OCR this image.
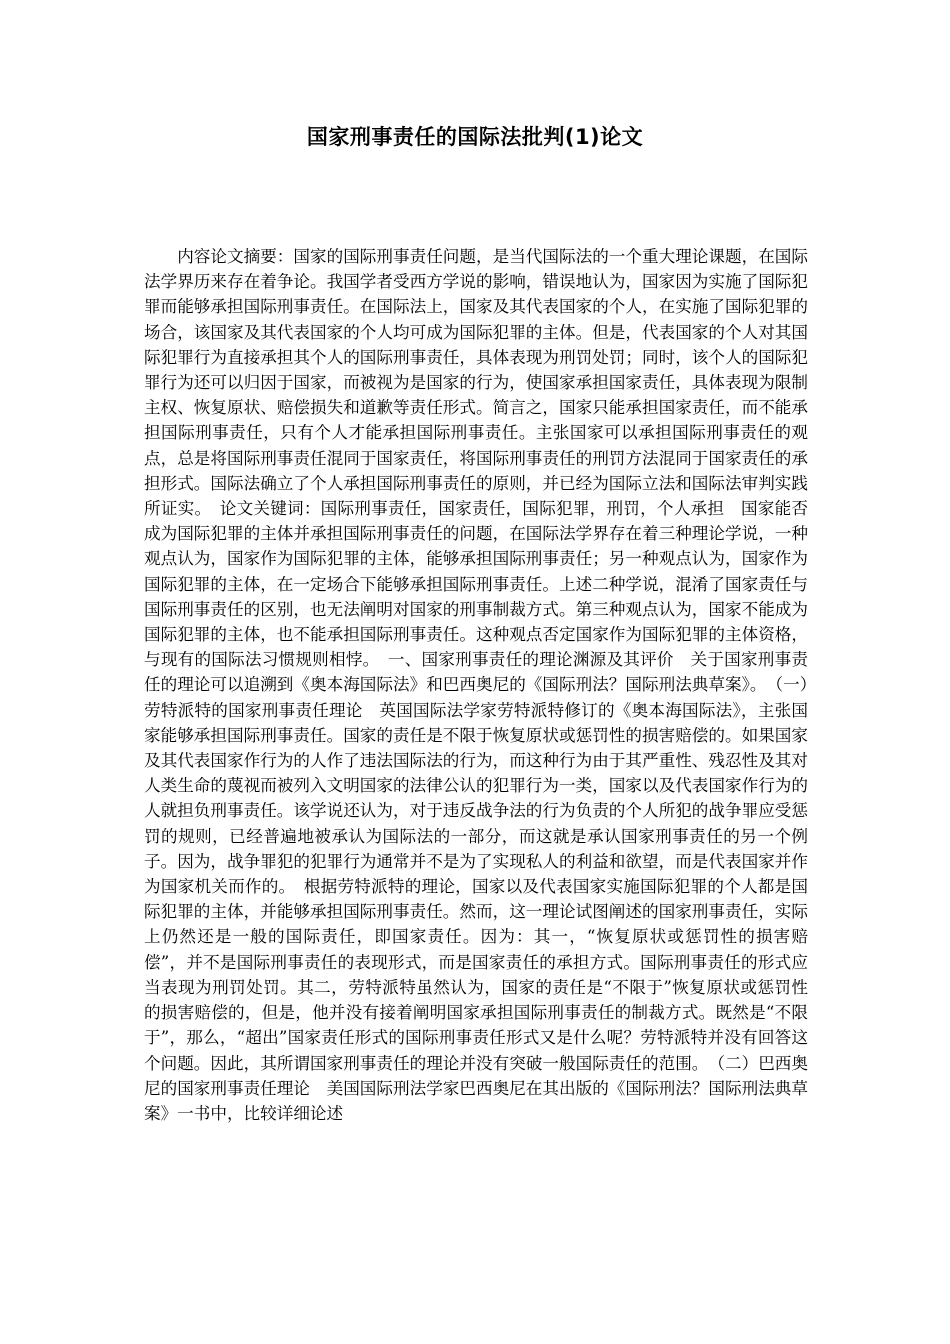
国家刑事责任的国际法批判(1)论文

内容论文摘要：国家的国际刑事责任问题，是当代国际法的一个重大理论课题，在国际法学界历来存在着争论。我国学者受西方学说的影响，错误地认为，国家因为实施了国际犯罪而能够承担国际刑事责任。在国际法上，国家及其代表国家的个人，在实施了国际犯罪的场合，该国家及其代表国家的个人均可成为国际犯罪的主体。但是，代表国家的个人对其国际犯罪行为直接承担其个人的国际刑事责任，具体表现为刑罚处罚；同时，该个人的国际犯罪行为还可以归因于国家，而被视为是国家的行为，使国家承担国家责任，具体表现为限制主权、恢复原状、赔偿损失和道歉等责任形式。简言之，国家只能承担国家责任，而不能承担国际刑事责任，只有个人才能承担国际刑事责任。主张国家可以承担国际刑事责任的观点，总是将国际刑事责任混同于国家责任，将国际刑事责任的刑罚方法混同于国家责任的承担形式。国际法确立了个人承担国际刑事责任的原则，并已经为国际立法和国际法审判实践所证实。　论文关键词：国际刑事责任，国家责任，国际犯罪，刑罚，个人承担　国家能否成为国际犯罪的主体并承担国际刑事责任的问题，在国际法学界存在着三种理论学说，一种观点认为，国家作为国际犯罪的主体，能够承担国际刑事责任；另一种观点认为，国家作为国际犯罪的主体，在一定场合下能够承担国际刑事责任。上述二种学说，混淆了国家责任与国际刑事责任的区别，也无法阐明对国家的刑事制裁方式。第三种观点认为，国家不能成为国际犯罪的主体，也不能承担国际刑事责任。这种观点否定国家作为国际犯罪的主体资格，与现有的国际法习惯规则相悖。　一、国家刑事责任的理论渊源及其评价　关于国家刑事责任的理论可以追溯到《奥本海国际法》和巴西奥尼的《国际刑法？国际刑法典草案》。　（一）劳特派特的国家刑事责任理论　英国国际法学家劳特派特修订的《奥本海国际法》，主张国家能够承担国际刑事责任。国家的责任是不限于恢复原状或惩罚性的损害赔偿的。如果国家及其代表国家作行为的人作了违法国际法的行为，而这种行为由于其严重性、残忍性及其对人类生命的蔑视而被列入文明国家的法律公认的犯罪行为一类，国家以及代表国家作行为的人就担负刑事责任。该学说还认为，对于违反战争法的行为负责的个人所犯的战争罪应受惩罚的规则，已经普遍地被承认为国际法的一部分，而这就是承认国家刑事责任的另一个例子。因为，战争罪犯的犯罪行为通常并不是为了实现私人的利益和欲望，而是代表国家并作为国家机关而作的。　根据劳特派特的理论，国家以及代表国家实施国际犯罪的个人都是国际犯罪的主体，并能够承担国际刑事责任。然而，这一理论试图阐述的国家刑事责任，实际上仍然还是一般的国际责任，即国家责任。因为：其一，“恢复原状或惩罚性的损害赔偿”，并不是国际刑事责任的表现形式，而是国家责任的承担方式。国际刑事责任的形式应当表现为刑罚处罚。其二，劳特派特虽然认为，国家的责任是“不限于”恢复原状或惩罚性的损害赔偿的，但是，他并没有接着阐明国家承担国际刑事责任的制裁方式。既然是“不限于”，那么，“超出”国家责任形式的国际刑事责任形式又是什么呢？劳特派特并没有回答这个问题。因此，其所谓国家刑事责任的理论并没有突破一般国际责任的范围。　（二）巴西奥尼的国家刑事责任理论　美国国际刑法学家巴西奥尼在其出版的《国际刑法？国际刑法典草案》一书中，比较详细论述
